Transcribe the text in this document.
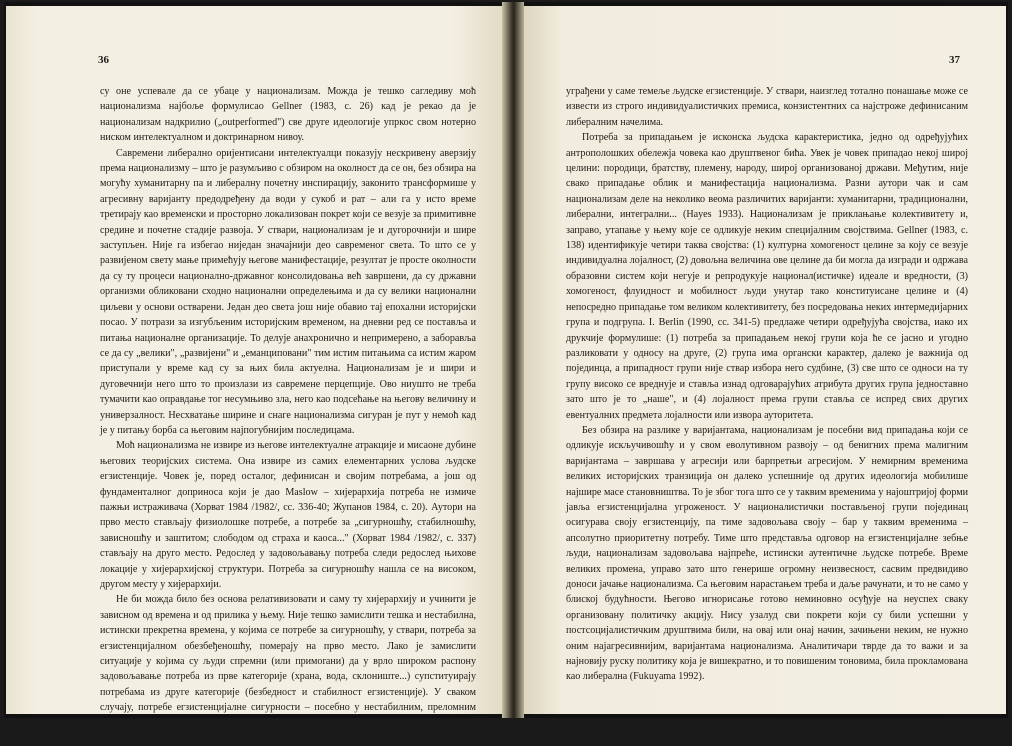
36

су оне успевале да се убаце у национализам. Можда је тешко сагледиву моћ национализма најбоље формулисао Gellner (1983, с. 26) кад је рекао да је национализам надкрилио („outperformed") све друге идеологије упркос свом нотерно ниском интелектуалном и доктринарном нивоу.

Савремени либерално оријентисани интелектуалци показују нескривену аверзију према национализму – што је разумљиво с обзиром на околност да се он, без обзира на могућу хуманитарну па и либералну почетну инспирацију, законито трансформише у агресивну варијанту предодређену да води у сукоб и рат – али га у исто време третирају као временски и просторно локализован покрет који се везује за примитивне средине и почетне стадије развоја. У ствари, национализам је и дугорочнији и шире заступљен. Није га избегао ниједан значајнији део савременог света. То што се у развијеном свету мање примећују његове манифестације, резултат је просте околности да су ту процеси национално-државног консолидовања већ завршени, да су државни организми обликовани сходно национални определењима и да су велики национални циљеви у основи остварени. Један део света још није обавио тај епохални историјски посао. У потрази за изгубљеним историјским временом, на дневни ред се поставља и питања националне организације. То делује анахронично и непримерено, а заборавља се да су „велики", „развијени" и „еманциповани" тим истим питањима са истим жаром приступали у време кад су за њих била актуелна. Национализам је и шири и дуговечнији него што то произлази из савремене перцепције. Ово ниушто не треба тумачити као оправдање тог несумњиво зла, него као подсећање на његову величину и универзалност. Несхватање ширине и снаге национализма сигуран је пут у немоћ кад је у питању борба са његовим најпогубнијим последицама.

Моћ национализма не извире из његове интелектуалне атракције и мисаоне дубине његових теоријских система. Она извире из самих елементарних услова људске егзистенције. Човек је, поред осталог, дефинисан и својим потребама, а још од фундаменталног доприноса који је дао Maslow – хијерархија потреба не измиче пажњи истраживача (Хорват 1984 /1982/, сс. 336-40; Жупанов 1984, с. 20). Аутори на прво место стављају физиолошке потребе, а потребе за „сигурношћу, стабилношћу, зависношћу и заштитом; слободом од страха и каоса..." (Хорват 1984 /1982/, с. 337) стављају на друго место. Редослед у задовољавању потреба следи редослед њихове локације у хијерархијској структури. Потреба за сигурношћу нашла се на високом, другом месту у хијерархији.

Не би можда било без основа релативизовати и саму ту хијерархију и учинити је зависном од времена и од прилика у њему. Није тешко замислити тешка и нестабилна, истински прекретна времена, у којима се потребе за сигурношћу, у ствари, потреба за егзистенцијалном обезбеђеношћу, померају на прво место. Лако је замислити ситуације у којима су људи спремни (или примorани) да у врло широком распону задовољавање потреба из прве категорије (храна, вода, склониште...) супституирају потребама из друге категорије (безбедност и стабилност егзистенције). У сваком случају, потребе егзистенцијалне сигурности – посебно у нестабилним, преломним режимима функционисања друштвених система – битно утичу на понашање људи. Ту су дубоки корени национализма,

37

уграђени у саме темеље људске егзистенције. У ствари, наизглед тотално понашање може се извести из строго индивидуалистичких премиса, конзистентних са најстроже дефинисаним либералним начелима.

Потреба за припадањем је исконска људска карактеристика, једно од одређујућих антрополошких обележја човека као друштвеног бића. Увек је човек припадао некој широј целини: породици, братству, племену, народу, широј организованој држави. Међутим, није свако припадање облик и манифестација национализма. Разни аутори чак и сам национализам деле на неколико веома различитих варијанти: хуманитарни, традиционални, либерални, интегрални... (Hayes 1933). Национализам је приклањање колективитету и, заправо, утапање у њему које се одликује неким специјалним својствима. Gellner (1983, с. 138) идентификује четири таква својства: (1) културна хомогеност целине за коју се везује индивидуална лојалност, (2) довољна величина ове целине да би могла да изгради и одржава образовни систем који негује и репродукује национал(истичке) идеале и вредности, (3) хомогеност, флуидност и мобилност људи унутар тако конституисане целине и (4) непосредно припадање том великом колективитету, без посредовања неких интермедијарних група и подгрупа. I. Berlin (1990, сс. 341-5) предлаже четири одређујућа својства, иако их друкчије формулише: (1) потреба за припадањем некој групи која ће се јасно и угодно разликовати у односу на друге, (2) група има органски карактер, далеко је важнија од појединца, а припадност групи није ствар избора него судбине, (3) све што се односи на ту групу високо се вреднује и ставља изнад одговарајућих атрибута других група једноставно зато што је то „наше", и (4) лојалност према групи ставља се испред свих других евентуалних предмета лојалности или извора ауторитета.

Без обзира на разлике у варијантама, национализам је посебни вид припадања који се одликује искључивошћу и у свом еволутивном развоју – од бенигних према малигним варијантама – завршава у агресији или барпретњи агресијом. У немирним временима великих историјских транзиција он далеко успешније од других идеологија мобилише најшире масе становништва. То је због тога што се у таквим временима у најоштријој форми јавља егзистенцијална угроженост. У националистички постављеној групи појединац осигурава своју егзистенцију, па тиме задовољава своју – бар у таквим временима – апсолутно приоритетну потребу. Тиме што представља одговор на егзистенцијалне зебње људи, национализам задовољава најпреће, истински аутентичне људске потребе. Време великих промена, управо зато што генерише огромну неизвесност, сасвим предвидиво доноси јачање национализма. Са његовим нарастањем треба и даље рачунати, и то не само у блиској будућности. Његово игнорисање готово неминовно осуђује на неуспех сваку организовану политичку акцију. Нису узалуд сви покрети који су били успешни у постсоцијалистичким друштвима били, на овај или онај начин, зачињени неким, не нужно оним најагресивнијим, варијантама национализма. Аналитичари тврде да то важи и за најновију руску политику која је вишекратно, и то повишеним тоновима, била прокламована као либерална (Fukuyama 1992).
